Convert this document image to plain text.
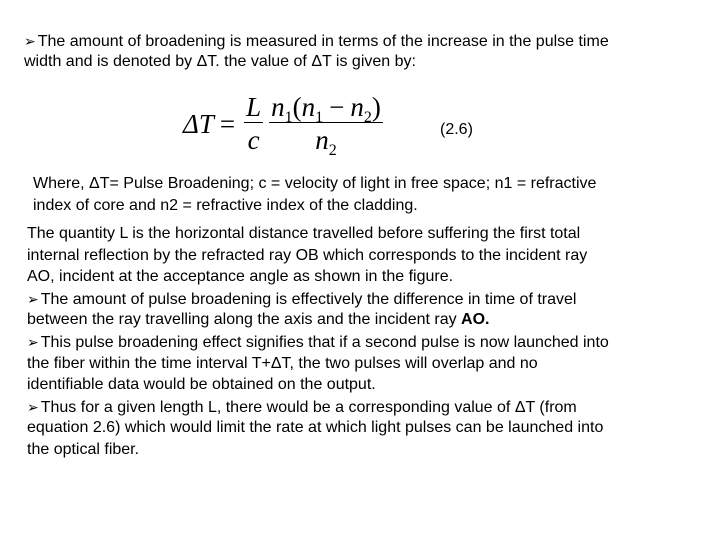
➢ The amount of broadening is measured in terms of the increase in the pulse time
width and is denoted by ΔT. the value of ΔT is given by:
$\Delta T = \frac{L}{c} \frac{n 1 ( n 1 - n 2 )}{n 2}$	(2.6)
Where, ΔT= Pulse Broadening; c = velocity of light in free space; n1 = refractive
index of core and n2 = refractive index of the cladding.
The quantity L is the horizontal distance travelled before suffering the first total
internal reflection by the refracted ray OB which corresponds to the incident ray
AO, incident at the acceptance angle as shown in the figure.
➢ The amount of pulse broadening is effectively the difference in time of travel
between the ray travelling along the axis and the incident ray AO.
➢ This pulse broadening effect signifies that if a second pulse is now launched into
the fiber within the time interval T+ΔT, the two pulses will overlap and no
identifiable data would be obtained on the output.
➢ Thus for a given length L, there would be a corresponding value of ΔT (from
equation 2.6) which would limit the rate at which light pulses can be launched into
the optical fiber.
